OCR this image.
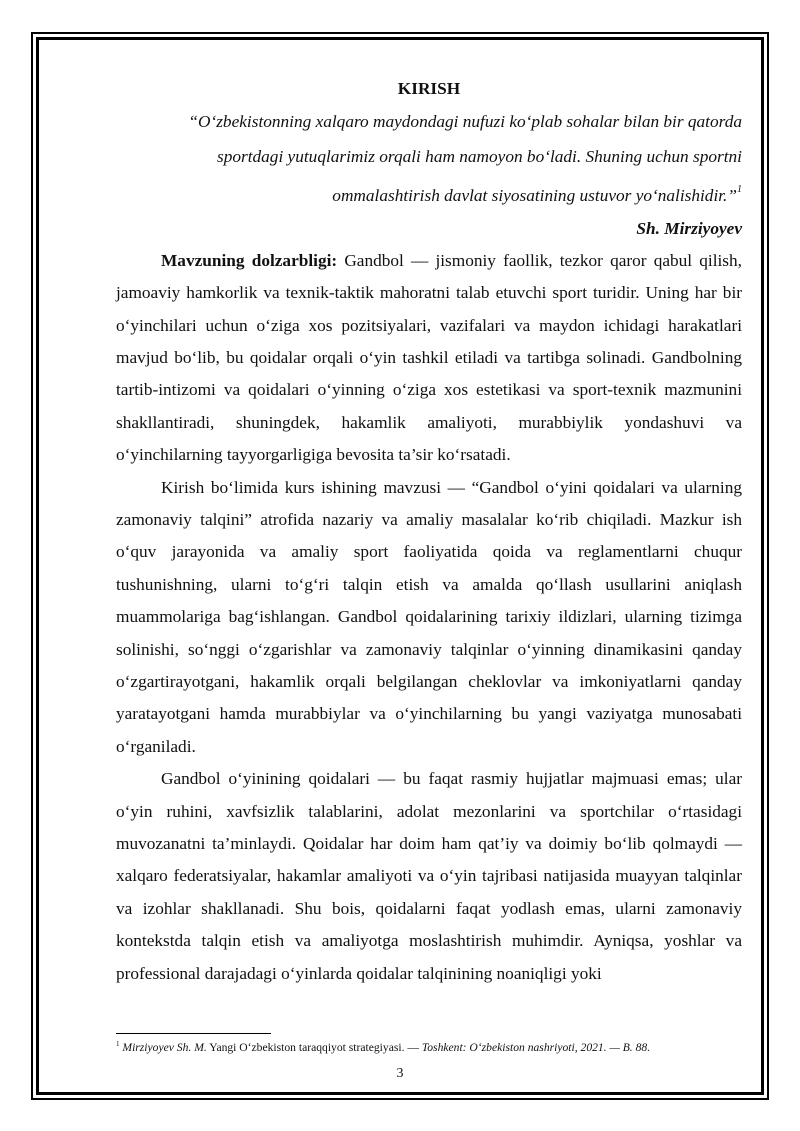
KIRISH

“O‘zbekistonning xalqaro maydondagi nufuzi ko‘plab sohalar bilan bir qatorda

sportdagi yutuqlarimiz orqali ham namoyon bo‘ladi. Shuning uchun sportni

ommalashtirish davlat siyosatining ustuvor yo‘nalishidir.”$^1$

Sh. Mirziyoyev

Mavzuning dolzarbligi: Gandbol — jismoniy faollik, tezkor qaror qabul qilish, jamoaviy hamkorlik va texnik-taktik mahoratni talab etuvchi sport turidir. Uning har bir o‘yinchilari uchun o‘ziga xos pozitsiyalari, vazifalari va maydon ichidagi harakatlari mavjud bo‘lib, bu qoidalar orqali o‘yin tashkil etiladi va tartibga solinadi. Gandbolning tartib-intizomi va qoidalari o‘yinning o‘ziga xos estetikasi va sport-texnik mazmunini shakllantiradi, shuningdek, hakamlik amaliyoti, murabbiylik yondashuvi va o‘yinchilarning tayyorgarligiga bevosita ta’sir ko‘rsatadi.

Kirish bo‘limida kurs ishining mavzusi — “Gandbol o‘yini qoidalari va ularning zamonaviy talqini” atrofida nazariy va amaliy masalalar ko‘rib chiqiladi. Mazkur ish o‘quv jarayonida va amaliy sport faoliyatida qoida va reglamentlarni chuqur tushunishning, ularni to‘g‘ri talqin etish va amalda qo‘llash usullarini aniqlash muammolariga bag‘ishlangan. Gandbol qoidalarining tarixiy ildizlari, ularning tizimga solinishi, so‘nggi o‘zgarishlar va zamonaviy talqinlar o‘yinning dinamikasini qanday o‘zgartirayotgani, hakamlik orqali belgilangan cheklovlar va imkoniyatlarni qanday yaratayotgani hamda murabbiylar va o‘yinchilarning bu yangi vaziyatga munosabati o‘rganiladi.

Gandbol o‘yinining qoidalari — bu faqat rasmiy hujjatlar majmuasi emas; ular o‘yin ruhini, xavfsizlik talablarini, adolat mezonlarini va sportchilar o‘rtasidagi muvozanatni ta’minlaydi. Qoidalar har doim ham qat’iy va doimiy bo‘lib qolmaydi — xalqaro federatsiyalar, hakamlar amaliyoti va o‘yin tajribasi natijasida muayyan talqinlar va izohlar shakllanadi. Shu bois, qoidalarni faqat yodlash emas, ularni zamonaviy kontekstda talqin etish va amaliyotga moslashtirish muhimdir. Ayniqsa, yoshlar va professional darajadagi o‘yinlarda qoidalar talqinining noaniqligi yoki

$^1$ Mirziyoyev Sh. M. Yangi O‘zbekiston taraqqiyot strategiyasi. — Toshkent: O‘zbekiston nashriyoti, 2021. — B. 88.
3
